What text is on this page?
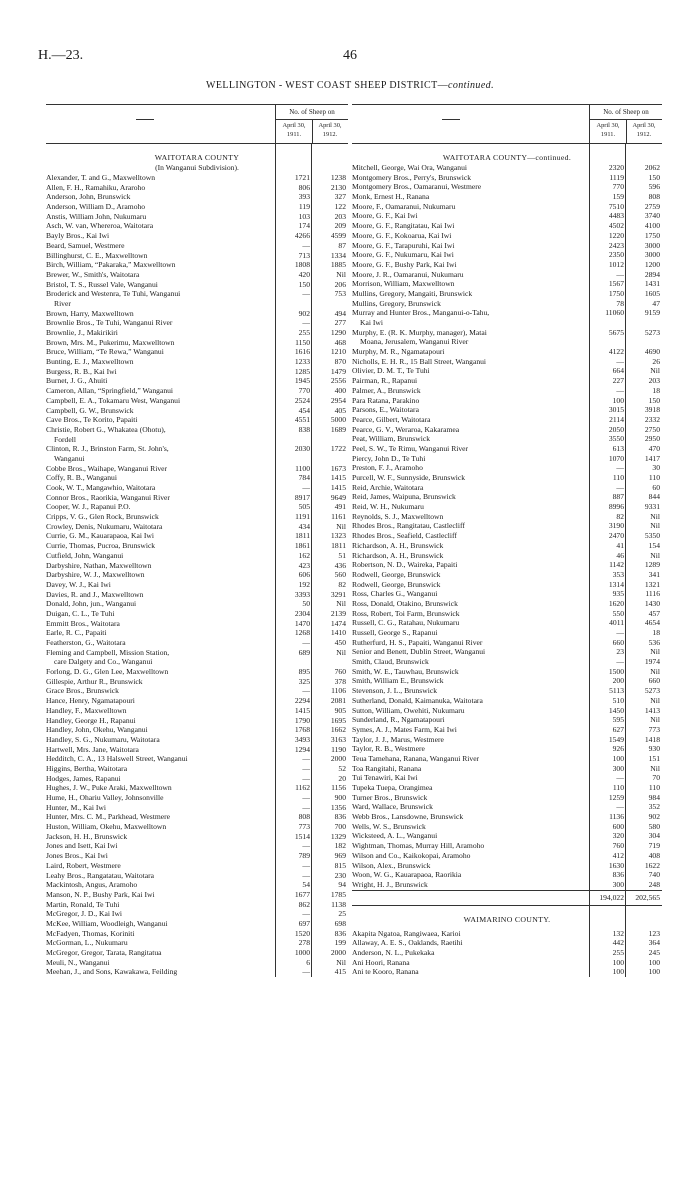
H.—23.	46
WELLINGTON - WEST COAST SHEEP DISTRICT—continued.
No. of Sheep on
April 30, 1911.
April 30, 1912.
WAITOTARA COUNTY
(In Wanganui Subdivision).
Alexander, T. and G., Maxwelltown	1721	1238
Allen, F. H., Ramahiku, Araroho	806	2130
Anderson, John, Brunswick	393	327
Anderson, William D., Aramoho	119	122
Anstis, William John, Nukumaru	103	203
Asch, W. van, Whereroa, Waitotara	174	209
Bayly Bros., Kai Iwi	4266	4599
Beard, Samuel, Westmere	—	87
Billinghurst, C. E., Maxwelltown	713	1334
Birch, William, “Pakaraka,” Maxwelltown	1808	1885
Brewer, W., Smith's, Waitotara	420	Nil
Bristol, T. S., Russel Vale, Wanganui	150	206
Broderick and Westenra, Te Tuhi, Wanganui	—	753
River
Brown, Harry, Maxwelltown	902	494
Brownlie Bros., Te Tuhi, Wanganui River	—	277
Brownlie, J., Makirikiri	255	1290
Brown, Mrs. M., Pukerimu, Maxwelltown	1150	468
Bruce, William, “Te Rewa,” Wanganui	1616	1210
Bunting, E. J., Maxwelltown	1233	870
Burgess, R. B., Kai Iwi	1285	1479
Burnet, J. G., Ahuiti	1945	2556
Cameron, Allan, “Springfield,” Wanganui	770	400
Campbell, E. A., Tokamaru West, Wanganui	2524	2954
Campbell, G. W., Brunswick	454	405
Cave Bros., Te Korito, Papaiti	4551	5000
Christie, Robert G., Whakatea (Ohotu),	838	1689
Fordell
Clinton, R. J., Brinston Farm, St. John's,	2030	1722
Wanganui
Cobbe Bros., Waihape, Wanganui River	1100	1673
Coffy, R. B., Wanganui	784	1415
Cook, W. T., Mangawhio, Waitotara	—	1415
Connor Bros., Raorikia, Wanganui River	8917	9649
Cooper, W. J., Rapanui P.O.	505	491
Cripps, V. G., Glen Rock, Brunswick	1191	1161
Crowley, Denis, Nukumaru, Waitotara	434	Nil
Currie, G. M., Kauarapaoa, Kai Iwi	1811	1323
Currie, Thomas, Pucroa, Brunswick	1861	1811
Cutfield, John, Wanganui	162	51
Darbyshire, Nathan, Maxwelltown	423	436
Darbyshire, W. J., Maxwelltown	606	560
Davey, W. J., Kai Iwi	192	82
Davies, R. and J., Maxwelltown	3393	3291
Donald, John, jun., Wanganui	50	Nil
Duigan, C. L., Te Tuhi	2304	2139
Emmitt Bros., Waitotara	1470	1474
Earle, R. C., Papaiti	1268	1410
Featherston, G., Waitotara	—	450
Fleming and Campbell, Mission Station,	689	Nil
care Dalgety and Co., Wanganui
Forlong, D. G., Glen Lee, Maxwelltown	895	760
Gillespie, Arthur R., Brunswick	325	378
Grace Bros., Brunswick	—	1106
Hance, Henry, Ngamatapouri	2294	2081
Handley, F., Maxwelltown	1415	905
Handley, George H., Rapanui	1790	1695
Handley, John, Okehu, Wanganui	1768	1662
Handley, S. G., Nukumaru, Waitotara	3493	3163
Hartwell, Mrs. Jane, Waitotara	1294	1190
Hedditch, C. A., 13 Halswell Street, Wanganui	—	2000
Higgins, Bertha, Waitotara	—	52
Hodges, James, Rapanui	—	20
Hughes, J. W., Puke Araki, Maxwelltown	1162	1156
Hume, H., Ohariu Valley, Johnsonville	—	900
Hunter, M., Kai Iwi	—	1356
Hunter, Mrs. C. M., Parkhead, Westmere	808	836
Huston, William, Okehu, Maxwelltown	773	700
Jackson, H. H., Brunswick	1514	1329
Jones and Isett, Kai Iwi	—	182
Jones Bros., Kai Iwi	789	969
Laird, Robert, Westmere	—	815
Leahy Bros., Rangatatau, Waitotara	—	230
Mackintosh, Angus, Aramoho	54	94
Manson, N. P., Bushy Park, Kai Iwi	1677	1785
Martin, Ronald, Te Tuhi	862	1138
McGregor, J. D., Kai Iwi	—	25
McKee, William, Woodleigh, Wanganui	697	698
McFadyen, Thomas, Koriniti	1520	836
McGorman, L., Nukumaru	278	199
McGregor, Gregor, Tarata, Rangitatua	1000	2000
Meuli, N., Wanganui	6	Nil
Meehan, J., and Sons, Kawakawa, Feilding	—	415
No. of Sheep on
April 30, 1911.
April 30, 1912.
WAITOTARA COUNTY—continued.
Mitchell, George, Wai Ora, Wanganui	2320	2062
Montgomery Bros., Perry's, Brunswick	1119	150
Montgomery Bros., Oamaranui, Westmere	770	596
Monk, Ernest H., Ranana	159	808
Moore, F., Oamaranui, Nukumaru	7510	2759
Moore, G. F., Kai Iwi	4483	3740
Moore, G. F., Rangitatau, Kai Iwi	4502	4100
Moore, G. F., Kokoarua, Kai Iwi	1220	1750
Moore, G. F., Tarapuruhi, Kai Iwi	2423	3000
Moore, G. F., Nukumaru, Kai Iwi	2350	3000
Moore, G. F., Bushy Park, Kai Iwi	1012	1200
Moore, J. R., Oamaranui, Nukumaru	—	2894
Morrison, William, Maxwelltown	1567	1431
Mullins, Gregory, Mangaiti, Brunswick	1750	1605
Mullins, Gregory, Brunswick	78	47
Murray and Hunter Bros., Manganui-o-Tahu,	11060	9159
Kai Iwi
Murphy, E. (R. K. Murphy, manager), Matai	5675	5273
Moana, Jerusalem, Wanganui River
Murphy, M. R., Ngamatapouri	4122	4690
Nicholls, E. H. R., 15 Ball Street, Wanganui	—	26
Olivier, D. M. T., Te Tuhi	664	Nil
Pairman, R., Rapanui	227	203
Palmer, A., Brunswick	—	18
Para Ratana, Parakino	100	150
Parsons, E., Waitotara	3015	3918
Pearce, Gilbert, Waitotara	2114	2332
Pearce, G. V., Weraroa, Kakaramea	2050	2750
Peat, William, Brunswick	3550	2950
Peel, S. W., Te Rimu, Wanganui River	613	470
Piercy, John D., Te Tuhi	1070	1417
Preston, F. J., Aramoho	—	30
Purcell, W. F., Sunnyside, Brunswick	110	110
Reid, Archie, Waitotara	—	60
Reid, James, Waipuna, Brunswick	887	844
Reid, W. H., Nukumaru	8996	9331
Reynolds, S. J., Maxwelltown	82	Nil
Rhodes Bros., Rangitatau, Castlecliff	3190	Nil
Rhodes Bros., Seafield, Castlecliff	2470	5350
Richardson, A. H., Brunswick	41	154
Richardson, A. H., Brunswick	46	Nil
Robertson, N. D., Waireka, Papaiti	1142	1289
Rodwell, George, Brunswick	353	341
Rodwell, George, Brunswick	1314	1321
Ross, Charles G., Wanganui	935	1116
Ross, Donald, Otakino, Brunswick	1620	1430
Ross, Robert, Toi Farm, Brunswick	550	457
Russell, C. G., Ratahau, Nukumaru	4011	4654
Russell, George S., Rapanui	—	18
Rutherfurd, H. S., Papaiti, Wanganui River	660	536
Senior and Benett, Dublin Street, Wanganui	23	Nil
Smith, Claud, Brunswick	—	1974
Smith, W. E., Tauwhau, Brunswick	1500	Nil
Smith, William E., Brunswick	200	660
Stevenson, J. L., Brunswick	5113	5273
Sutherland, Donald, Kaimanuka, Waitotara	510	Nil
Sutton, William, Owehiti, Nukumaru	1450	1413
Sunderland, R., Ngamatapouri	595	Nil
Symes, A. J., Mates Farm, Kai Iwi	627	773
Taylor, J. J., Marus, Westmere	1549	1418
Taylor, R. B., Westmere	926	930
Teua Tamehana, Ranana, Wanganui River	100	151
Toa Rangitahi, Ranana	300	Nil
Tui Tenawiri, Kai Iwi	—	70
Tupeka Tuepa, Orangimea	110	110
Turner Bros., Brunswick	1259	984
Ward, Wallace, Brunswick	—	352
Webb Bros., Lansdowne, Brunswick	1136	902
Wells, W. S., Brunswick	600	580
Wicksteed, A. L., Wanganui	320	304
Wightman, Thomas, Murray Hill, Aramoho	760	719
Wilson and Co., Kaikokopai, Aramoho	412	408
Wilson, Alex., Brunswick	1630	1622
Woon, W. G., Kauarapaoa, Raorikia	836	740
Wright, H. J., Brunswick	300	248
194,022	202,565
WAIMARINO COUNTY.
Akapita Ngatoa, Rangiwaea, Karioi	132	123
Allaway, A. E. S., Oaklands, Raetihi	442	364
Anderson, N. L., Pukekaka	255	245
Ani Hoori, Ranana	100	100
Ani te Kooro, Ranana	100	100
